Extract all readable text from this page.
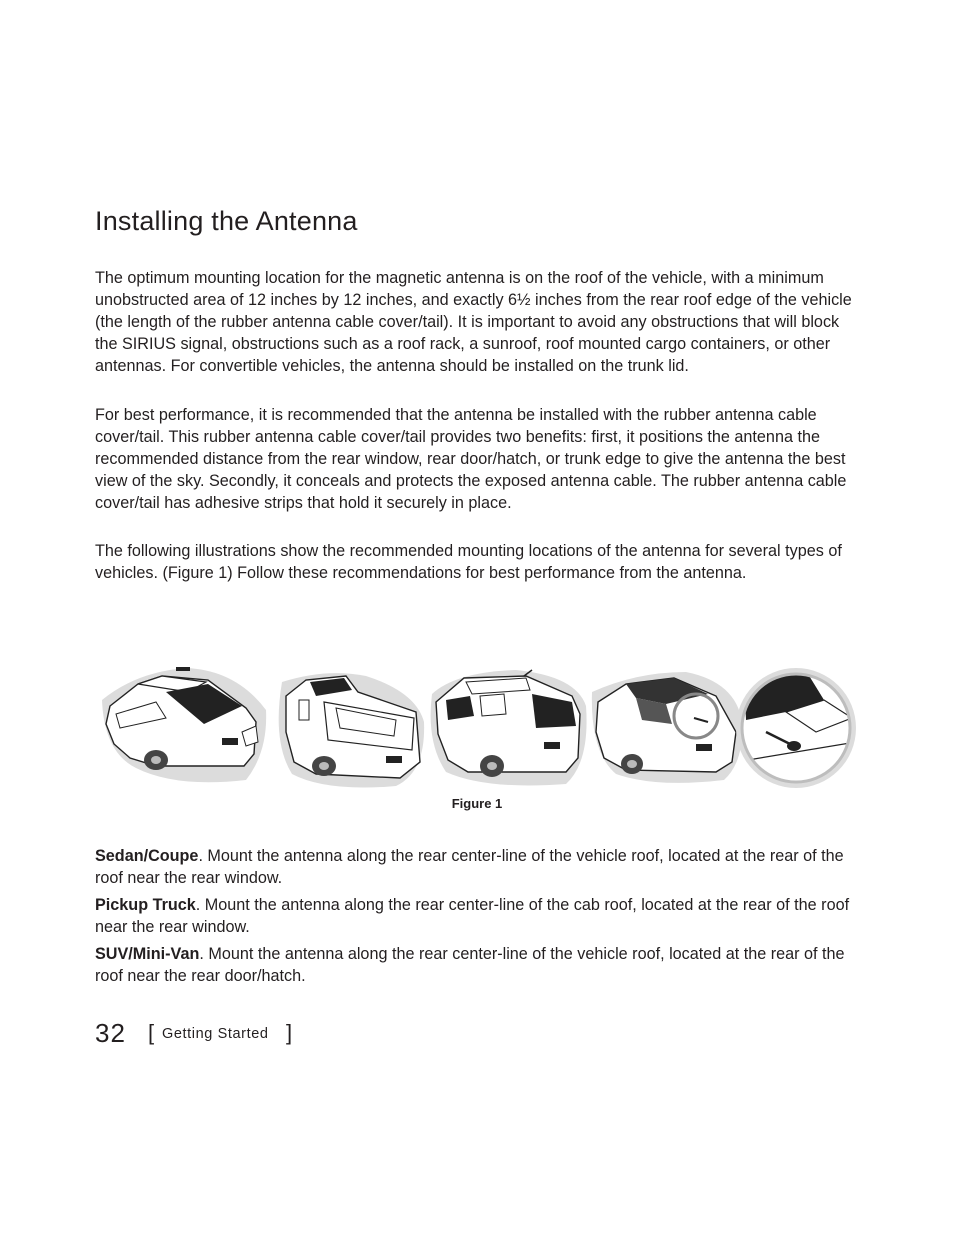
Installing the Antenna

The optimum mounting location for the magnetic antenna is on the roof of the vehicle, with a minimum unobstructed area of 12 inches by 12 inches, and exactly 6½ inches from the rear roof edge of the vehicle (the length of the rubber antenna cable cover/tail). It is important to avoid any obstructions that will block the SIRIUS signal, obstructions such as a roof rack, a sunroof, roof mounted cargo containers, or other antennas. For convertible vehicles, the antenna should be installed on the trunk lid.

For best performance, it is recommended that the antenna be installed with the rubber antenna cable cover/tail. This rubber antenna cable cover/tail provides two benefits: first, it positions the antenna the recommended distance from the rear window, rear door/hatch, or trunk edge to give the antenna the best view of the sky. Secondly, it conceals and protects the exposed antenna cable. The rubber antenna cable cover/tail has adhesive strips that hold it securely in place.

The following illustrations show the recommended mounting locations of the antenna for several types of vehicles. (Figure 1) Follow these recommendations for best performance from the antenna.

Figure 1

Sedan/Coupe. Mount the antenna along the rear center-line of the vehicle roof, located at the rear of the roof near the rear window.

Pickup Truck. Mount the antenna along the rear center-line of the cab roof, located at the rear of the roof near the rear window.

SUV/Mini-Van. Mount the antenna along the rear center-line of the vehicle roof, located at the rear of the roof near the rear door/hatch.

32 [ Getting Started ]
